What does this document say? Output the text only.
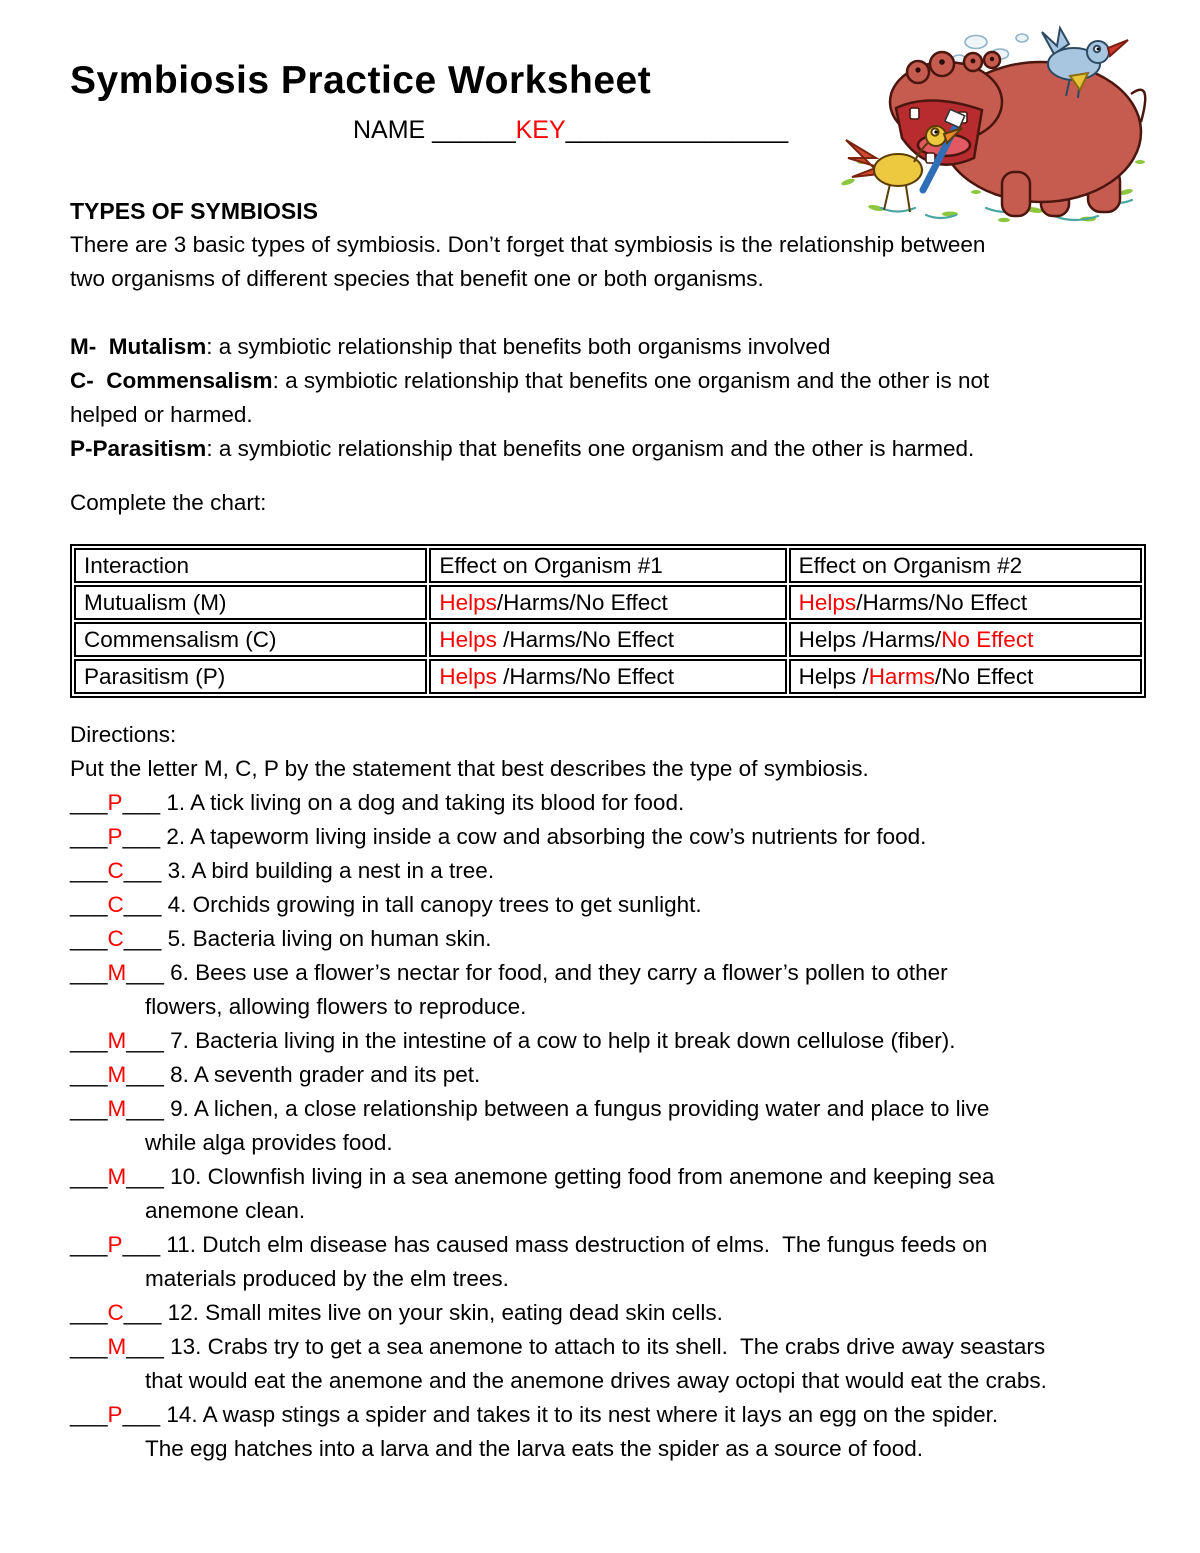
Symbiosis Practice Worksheet
NAME ______KEY________________
TYPES OF SYMBIOSIS

There are 3 basic types of symbiosis. Don’t forget that symbiosis is the relationship between
two organisms of different species that benefit one or both organisms.

M-  Mutalism: a symbiotic relationship that benefits both organisms involved
C-  Commensalism: a symbiotic relationship that benefits one organism and the other is not
helped or harmed.
P-Parasitism: a symbiotic relationship that benefits one organism and the other is harmed.

Complete the chart:

Interaction	Effect on Organism #1	Effect on Organism #2
Mutualism (M)	Helps/Harms/No Effect	Helps/Harms/No Effect
Commensalism (C)	Helps /Harms/No Effect	Helps /Harms/No Effect
Parasitism (P)	Helps /Harms/No Effect	Helps /Harms/No Effect

Directions:

Put the letter M, C, P by the statement that best describes the type of symbiosis.

___P___ 1. A tick living on a dog and taking its blood for food.
___P___ 2. A tapeworm living inside a cow and absorbing the cow’s nutrients for food.
___C___ 3. A bird building a nest in a tree.
___C___ 4. Orchids growing in tall canopy trees to get sunlight.
___C___ 5. Bacteria living on human skin.
___M___ 6. Bees use a flower’s nectar for food, and they carry a flower’s pollen to other
flowers, allowing flowers to reproduce.
___M___ 7. Bacteria living in the intestine of a cow to help it break down cellulose (fiber).
___M___ 8. A seventh grader and its pet.
___M___ 9. A lichen, a close relationship between a fungus providing water and place to live
while alga provides food.
___M___ 10. Clownfish living in a sea anemone getting food from anemone and keeping sea
anemone clean.
___P___ 11. Dutch elm disease has caused mass destruction of elms.  The fungus feeds on
materials produced by the elm trees.
___C___ 12. Small mites live on your skin, eating dead skin cells.
___M___ 13. Crabs try to get a sea anemone to attach to its shell.  The crabs drive away seastars
that would eat the anemone and the anemone drives away octopi that would eat the crabs.
___P___ 14. A wasp stings a spider and takes it to its nest where it lays an egg on the spider.
The egg hatches into a larva and the larva eats the spider as a source of food.
